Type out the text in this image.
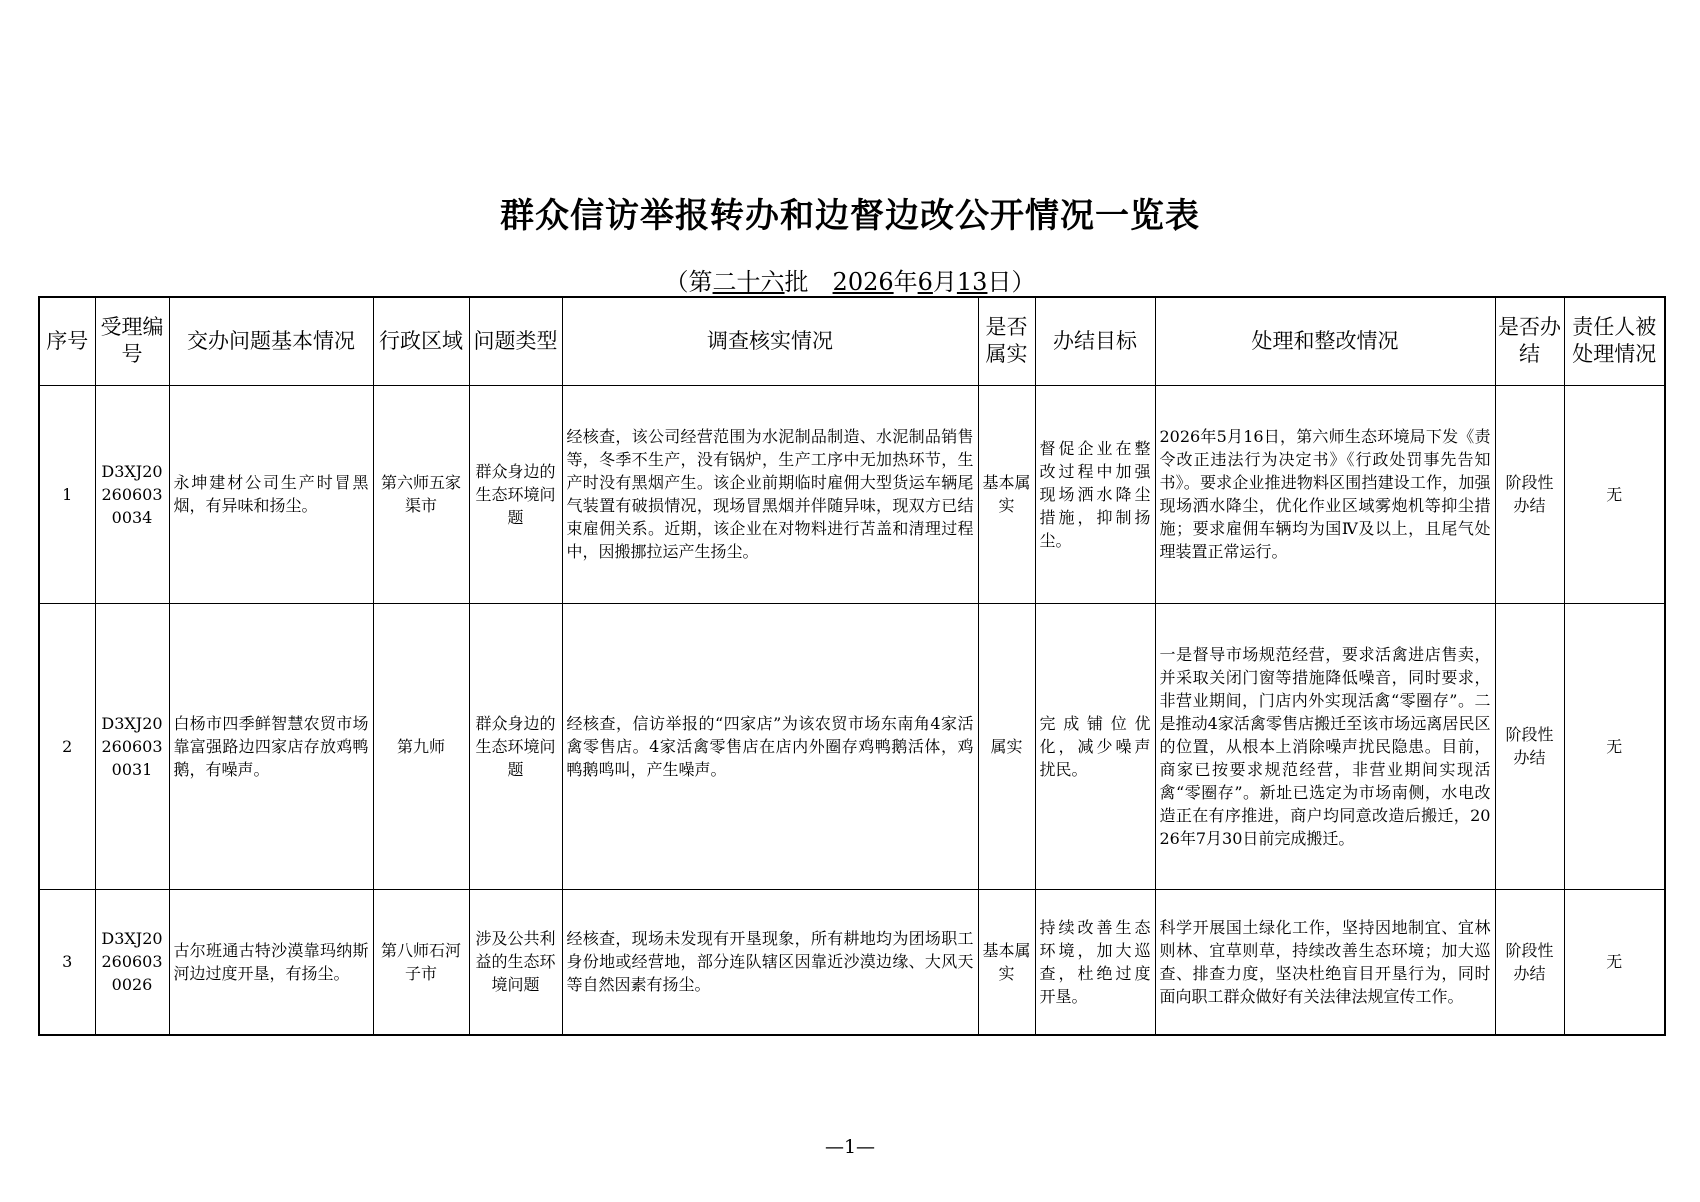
群众信访举报转办和边督边改公开情况一览表
（第二十六批 2026年6月13日）
序号	受理编号	交办问题基本情况	行政区域	问题类型	调查核实情况	是否属实	办结目标	处理和整改情况	是否办结	责任人被处理情况
1	D3XJ202606030034	永坤建材公司生产时冒黑烟，有异味和扬尘。	第六师五家渠市	群众身边的生态环境问题	经核查，该公司经营范围为水泥制品制造、水泥制品销售等，冬季不生产，没有锅炉，生产工序中无加热环节，生产时没有黑烟产生。该企业前期临时雇佣大型货运车辆尾气装置有破损情况，现场冒黑烟并伴随异味，现双方已结束雇佣关系。近期，该企业在对物料进行苫盖和清理过程中，因搬挪拉运产生扬尘。	基本属实	督促企业在整改过程中加强现场洒水降尘措施，抑制扬尘。	2026年5月16日，第六师生态环境局下发《责令改正违法行为决定书》《行政处罚事先告知书》。要求企业推进物料区围挡建设工作，加强现场洒水降尘，优化作业区域雾炮机等抑尘措施；要求雇佣车辆均为国Ⅳ及以上，且尾气处理装置正常运行。	阶段性办结	无
2	D3XJ202606030031	白杨市四季鲜智慧农贸市场靠富强路边四家店存放鸡鸭鹅，有噪声。	第九师	群众身边的生态环境问题	经核查，信访举报的“四家店”为该农贸市场东南角4家活禽零售店。4家活禽零售店在店内外圈存鸡鸭鹅活体，鸡鸭鹅鸣叫，产生噪声。	属实	完成铺位优化，减少噪声扰民。	一是督导市场规范经营，要求活禽进店售卖，并采取关闭门窗等措施降低噪音，同时要求，非营业期间，门店内外实现活禽“零圈存”。二是推动4家活禽零售店搬迁至该市场远离居民区的位置，从根本上消除噪声扰民隐患。目前，商家已按要求规范经营，非营业期间实现活禽“零圈存”。新址已选定为市场南侧，水电改造正在有序推进，商户均同意改造后搬迁，2026年7月30日前完成搬迁。	阶段性办结	无
3	D3XJ202606030026	古尔班通古特沙漠靠玛纳斯河边过度开垦，有扬尘。	第八师石河子市	涉及公共利益的生态环境问题	经核查，现场未发现有开垦现象，所有耕地均为团场职工身份地或经营地，部分连队辖区因靠近沙漠边缘、大风天等自然因素有扬尘。	基本属实	持续改善生态环境，加大巡查，杜绝过度开垦。	科学开展国土绿化工作，坚持因地制宜、宜林则林、宜草则草，持续改善生态环境；加大巡查、排查力度，坚决杜绝盲目开垦行为，同时面向职工群众做好有关法律法规宣传工作。	阶段性办结	无
—1—
